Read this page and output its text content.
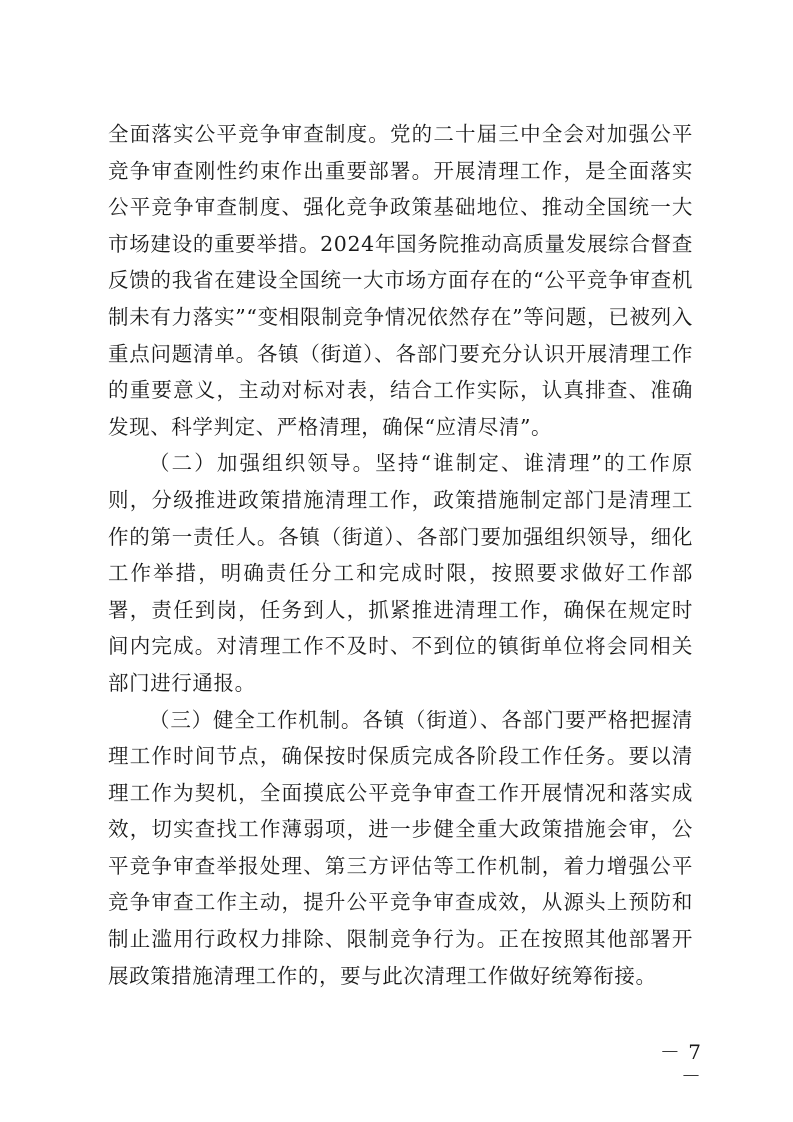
全面落实公平竞争审查制度。党的二十届三中全会对加强公平竞争审查刚性约束作出重要部署。开展清理工作，是全面落实公平竞争审查制度、强化竞争政策基础地位、推动全国统一大市场建设的重要举措。2024年国务院推动高质量发展综合督查反馈的我省在建设全国统一大市场方面存在的“公平竞争审查机制未有力落实”“变相限制竞争情况依然存在”等问题，已被列入重点问题清单。各镇（街道）、各部门要充分认识开展清理工作的重要意义，主动对标对表，结合工作实际，认真排查、准确发现、科学判定、严格清理，确保“应清尽清”。

（二）加强组织领导。坚持“谁制定、谁清理”的工作原则，分级推进政策措施清理工作，政策措施制定部门是清理工作的第一责任人。各镇（街道）、各部门要加强组织领导，细化工作举措，明确责任分工和完成时限，按照要求做好工作部署，责任到岗，任务到人，抓紧推进清理工作，确保在规定时间内完成。对清理工作不及时、不到位的镇街单位将会同相关部门进行通报。

（三）健全工作机制。各镇（街道）、各部门要严格把握清理工作时间节点，确保按时保质完成各阶段工作任务。要以清理工作为契机，全面摸底公平竞争审查工作开展情况和落实成效，切实查找工作薄弱项，进一步健全重大政策措施会审，公平竞争审查举报处理、第三方评估等工作机制，着力增强公平竞争审查工作主动，提升公平竞争审查成效，从源头上预防和制止滥用行政权力排除、限制竞争行为。正在按照其他部署开展政策措施清理工作的，要与此次清理工作做好统筹衔接。

－ 7 －
